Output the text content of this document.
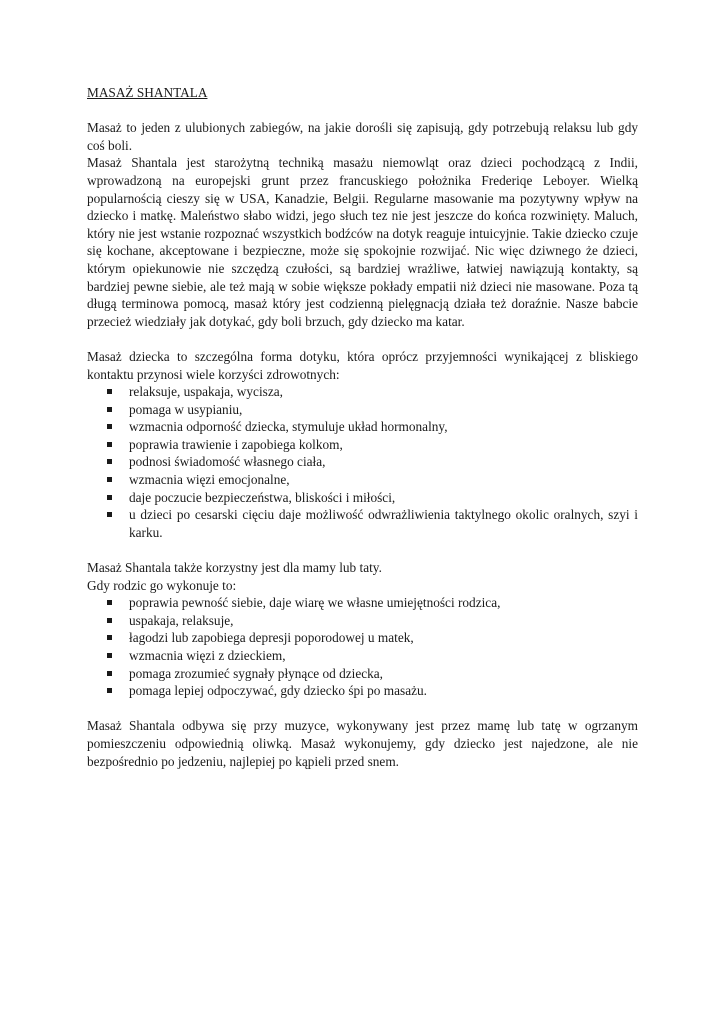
MASAŻ SHANTALA

Masaż to jeden z ulubionych zabiegów, na jakie dorośli się zapisują, gdy potrzebują relaksu lub gdy coś boli.

Masaż Shantala jest starożytną techniką masażu niemowląt oraz dzieci pochodzącą z Indii, wprowadzoną na europejski grunt przez francuskiego położnika Frederiqe Leboyer. Wielką popularnością cieszy się w USA, Kanadzie, Belgii. Regularne masowanie ma pozytywny wpływ na dziecko i matkę. Maleństwo słabo widzi, jego słuch tez nie jest jeszcze do końca rozwinięty. Maluch, który nie jest wstanie rozpoznać wszystkich bodźców na dotyk reaguje intuicyjnie. Takie dziecko czuje się kochane, akceptowane i bezpieczne, może się spokojnie rozwijać. Nic więc dziwnego że dzieci, którym opiekunowie nie szczędzą czułości, są bardziej wrażliwe, łatwiej nawiązują kontakty, są bardziej pewne siebie, ale też mają w sobie większe pokłady empatii niż dzieci nie masowane. Poza tą długą terminowa pomocą, masaż który jest codzienną pielęgnacją działa też doraźnie. Nasze babcie przecież wiedziały jak dotykać, gdy boli brzuch, gdy dziecko ma katar.

Masaż dziecka to szczególna forma dotyku, która oprócz przyjemności wynikającej z bliskiego kontaktu przynosi wiele korzyści zdrowotnych:

relaksuje, uspakaja, wycisza,
pomaga w usypianiu,
wzmacnia odporność dziecka, stymuluje układ hormonalny,
poprawia trawienie i zapobiega kolkom,
podnosi świadomość własnego ciała,
wzmacnia więzi emocjonalne,
daje poczucie bezpieczeństwa, bliskości i miłości,
u dzieci po cesarski cięciu daje możliwość odwrażliwienia taktylnego okolic oralnych, szyi i karku.

Masaż Shantala także korzystny jest dla mamy lub taty.

Gdy rodzic go wykonuje to:

poprawia pewność siebie, daje wiarę we własne umiejętności rodzica,
uspakaja, relaksuje,
łagodzi lub zapobiega depresji poporodowej u matek,
wzmacnia więzi z dzieckiem,
pomaga zrozumieć sygnały płynące od dziecka,
pomaga lepiej odpoczywać, gdy dziecko śpi po masażu.

Masaż Shantala odbywa się przy muzyce, wykonywany jest przez mamę lub tatę w ogrzanym pomieszczeniu odpowiednią oliwką. Masaż wykonujemy, gdy dziecko jest najedzone, ale nie bezpośrednio po jedzeniu, najlepiej po kąpieli przed snem.
